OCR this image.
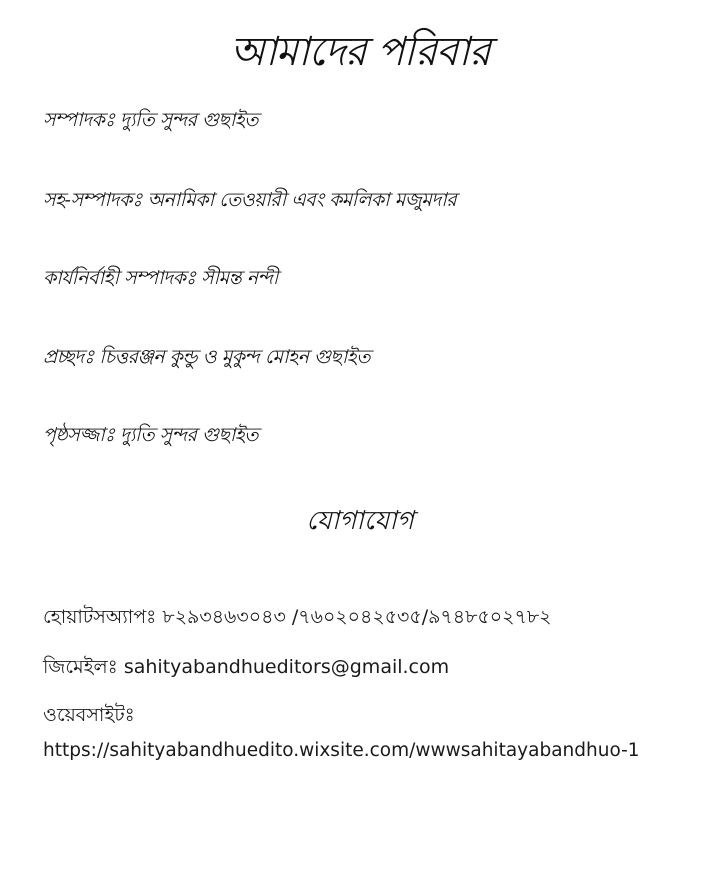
আমাদের পরিবার
সম্পাদকঃ দ্যুতি সুন্দর গুছাইত
সহ-সম্পাদকঃ অনামিকা তেওয়ারী এবং কমলিকা মজুমদার
কার্যনির্বাহী সম্পাদকঃ সীমন্ত নন্দী
প্রচ্ছদঃ চিত্তরঞ্জন কুন্ডু ও মুকুন্দ মোহন গুছাইত
পৃষ্ঠসজ্জাঃ দ্যুতি সুন্দর গুছাইত
যোগাযোগ
হোয়াটসঅ্যাপঃ ৮২৯৩৪৬৩০৪৩ /৭৬০২০৪২৫৩৫/৯৭৪৮৫০২৭৮২
জিমেইলঃ sahityabandhueditors@gmail.com
ওয়েবসাইটঃ
https://sahityabandhuedito.wixsite.com/wwwsahitayabandhuo-1
